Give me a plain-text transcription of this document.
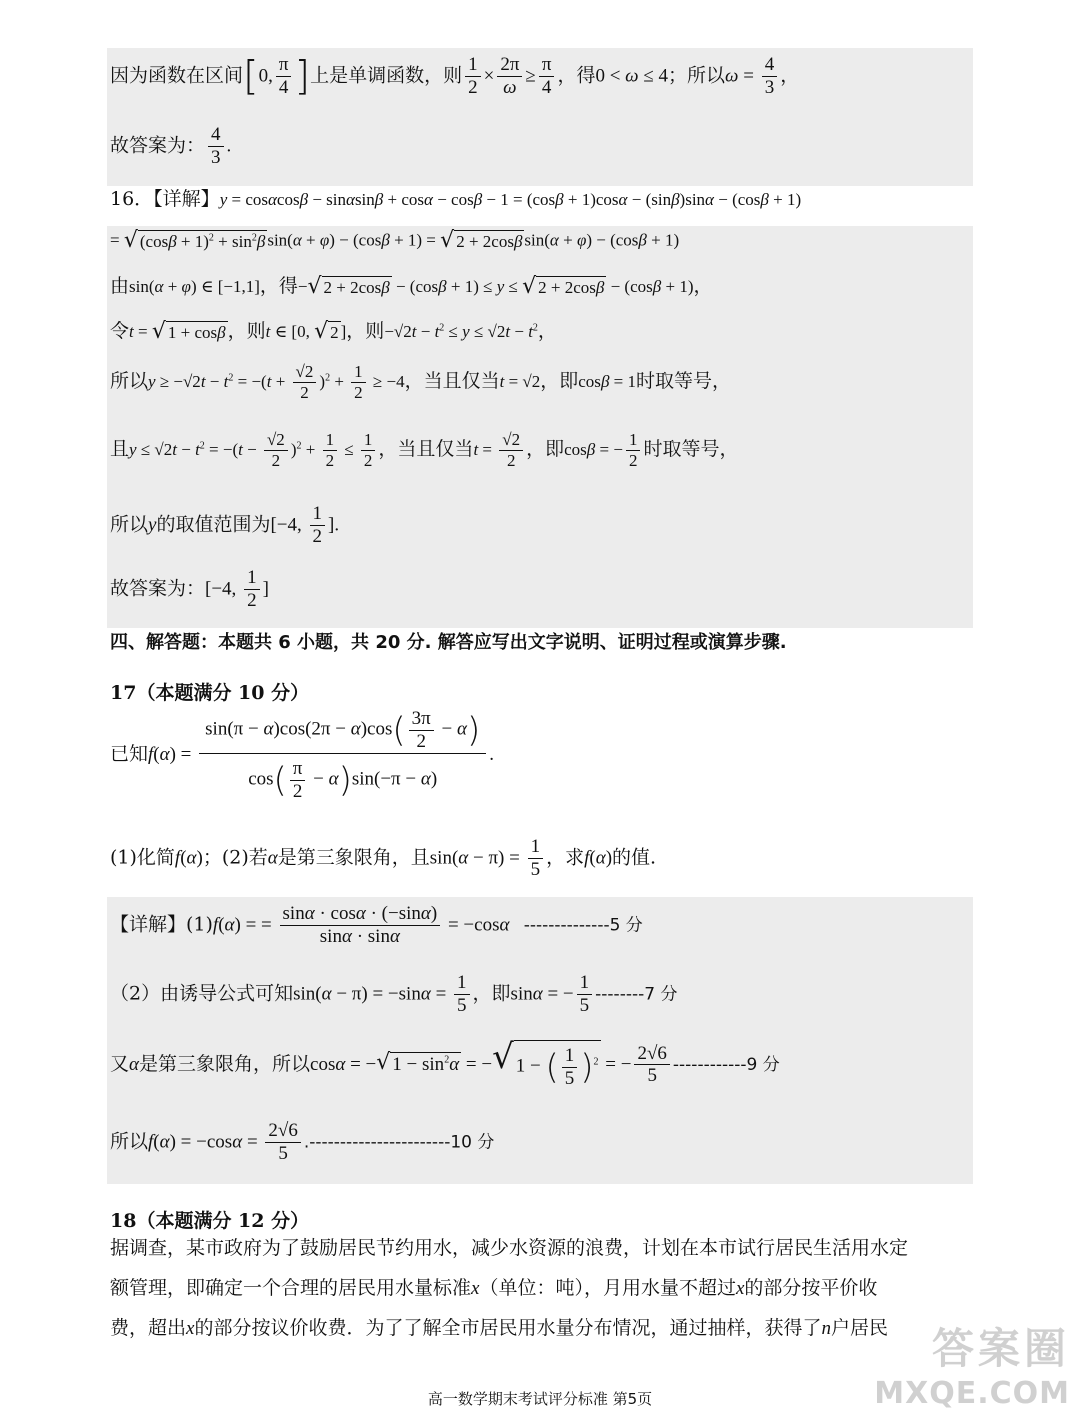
因为函数在区间[0, $\frac{\pi}{4}$ ]上是单调函数，则 $\frac{1}{2} \times \frac{2\pi}{\omega} \ge \frac{\pi}{4}$ ，得0 < ω ≤ 4；所以$\omega = \frac{4}{3}$ ，
故答案为： $\frac{4}{3}$ .
16．【详解】y = cosαcosβ − sinαsinβ + cosα − cosβ − 1 = (cosβ + 1)cosα − (sinβ)sinα − (cosβ + 1)
= √ $(\cos\beta + 1)^2 + \sin^2\beta$ sin(α + φ) − (cosβ + 1) = √ 2 + 2cosβ sin(α + φ) − (cosβ + 1)
由sin(α + φ) ∈ [−1,1]，得− √ 2 + 2cosβ − (cosβ + 1) ≤ y ≤ √ 2 + 2cosβ − (cosβ + 1)，
令t = √ 1 + cosβ ，则t ∈ [0, √ 2 ]，则$-√2t - t^2 \le y \le √2t - t^2$，
所以$y \ge -√2t - t^2 = -(t + \frac{√2}{2} )^2 + \frac{1}{2} \ge -4$，当且仅当t = √2，即cosβ = 1时取等号，
且$y \le √2t - t^2 = -(t - \frac{√2}{2} )^2 + \frac{1}{2} \le \frac{1}{2}$ ，当且仅当$t = \frac{√2}{2}$ ，即cosβ = − $\frac{1}{2}$ 时取等号，
所以y的取值范围为[−4, $\frac{1}{2}$ ].
故答案为：[−4, $\frac{1}{2}$ ]
四、解答题：本题共 6 小题，共 20 分. 解答应写出文字说明、证明过程或演算步骤.
17（本题满分 10 分）
已知$f(\alpha) = \frac{\sin(\pi - \alpha)\cos(2\pi - \alpha)\cos( \frac{3\pi}{2} - \alpha)}{\cos( \frac{\pi}{2} - \alpha)\sin(-\pi - \alpha)}$ .
(1)化简f(α)；(2)若α是第三象限角，且$\sin(\alpha - \pi) = \frac{1}{5}$ ，求f(α)的值.
【详解】(1)f(α) = = $\frac{\sin\alpha \cdot \cos\alpha \cdot (-\sin\alpha)}{\sin\alpha \cdot \sin\alpha} = -\cos\alpha$ --------------5 分
（2）由诱导公式可知$\sin(\alpha - \pi) = -\sin\alpha = \frac{1}{5}$ ，即sinα = − $\frac{1}{5} --------7$ 分
又α是第三象限角，所以cosα = − √ $1 - \sin^2\alpha$ = − √ 1 − ( $\frac{1}{5} )^2$ = − $\frac{2√6}{5} ------------9$ 分
所以$f(\alpha) = -\cos\alpha = \frac{2√6}{5} .-----------------------10$ 分
18（本题满分 12 分）
据调查，某市政府为了鼓励居民节约用水，减少水资源的浪费，计划在本市试行居民生活用水定
额管理，即确定一个合理的居民用水量标准x（单位：吨），月用水量不超过x的部分按平价收
费，超出x的部分按议价收费．为了了解全市居民用水量分布情况，通过抽样，获得了n户居民
高一数学期末考试评分标准 第5页
答案圈
MXQE.COM
